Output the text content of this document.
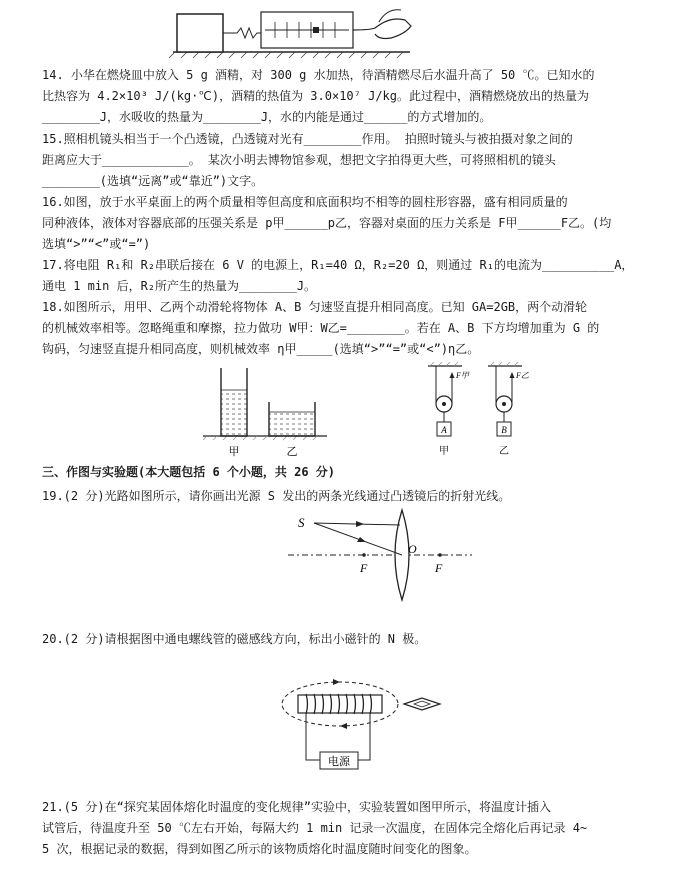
14. 小华在燃烧皿中放入 5 g 酒精，对 300 g 水加热，待酒精燃尽后水温升高了 50 ℃。已知水的
比热容为 4.2×10³ J/(kg·℃)，酒精的热值为 3.0×10⁷ J/kg。此过程中，酒精燃烧放出的热量为
________J，水吸收的热量为________J，水的内能是通过______的方式增加的。
15.照相机镜头相当于一个凸透镜，凸透镜对光有________作用。 拍照时镜头与被拍摄对象之间的
距离应大于____________。 某次小明去博物馆参观，想把文字拍得更大些，可将照相机的镜头
________(选填“远离”或“靠近”)文字。
16.如图，放于水平桌面上的两个质量相等但高度和底面积均不相等的圆柱形容器，盛有相同质量的
同种液体，液体对容器底部的压强关系是 p甲______p乙，容器对桌面的压力关系是 F甲______F乙。(均
选填“>”“<”或“=”)
17.将电阻 R₁和 R₂串联后接在 6 V 的电源上，R₁=40 Ω，R₂=20 Ω，则通过 R₁的电流为__________A，
通电 1 min 后，R₂所产生的热量为________J。
18.如图所示，用甲、乙两个动滑轮将物体 A、B 匀速竖直提升相同高度。已知 GA=2GB，两个动滑轮
的机械效率相等。忽略绳重和摩擦，拉力做功 W甲：W乙=________。若在 A、B 下方均增加重为 G 的
钩码，匀速竖直提升相同高度，则机械效率 η甲_____(选填“>”“=”或“<”)η乙。
甲	乙
A
F甲
甲
B
F乙
乙
三、作图与实验题(本大题包括 6 个小题，共 26 分)
19.(2 分)光路如图所示，请你画出光源 S 发出的两条光线通过凸透镜后的折射光线。
S
O
F	F
20.(2 分)请根据图中通电螺线管的磁感线方向，标出小磁针的 N 极。
电源
21.(5 分)在“探究某固体熔化时温度的变化规律”实验中，实验装置如图甲所示，将温度计插入
试管后，待温度升至 50 ℃左右开始，每隔大约 1 min 记录一次温度，在固体完全熔化后再记录 4~
5 次，根据记录的数据，得到如图乙所示的该物质熔化时温度随时间变化的图象。
